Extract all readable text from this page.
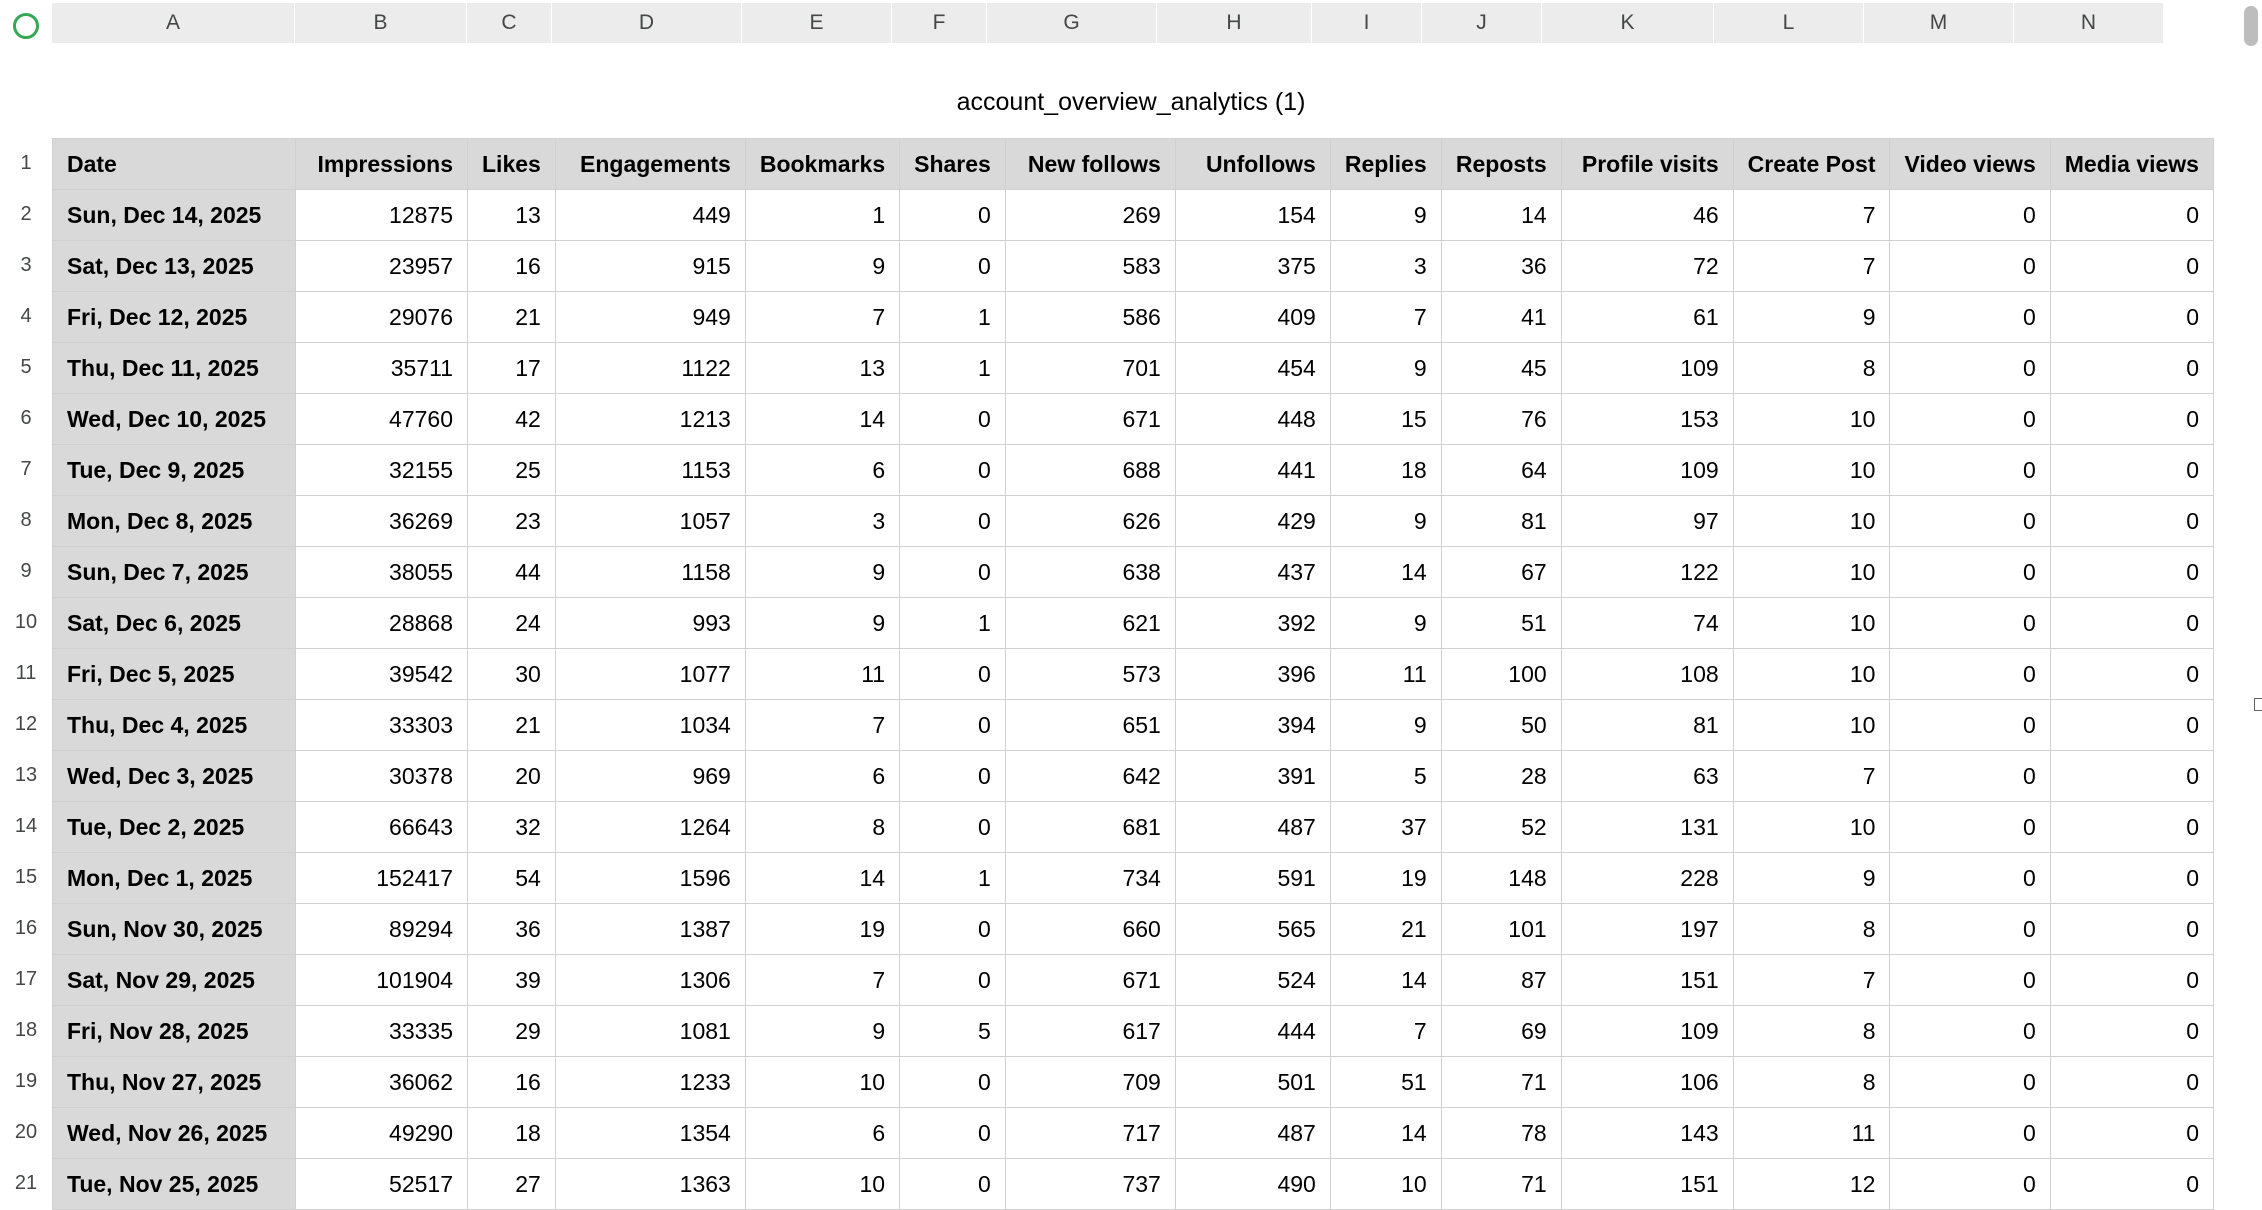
A	B	C	D	E	F	G	H	I	J	K	L	M	N
account_overview_analytics (1)
1
2
3
4
5
6
7
8
9
10
11
12
13
14
15
16
17
18
19
20
21
Date	Impressions	Likes	Engagements	Bookmarks	Shares	New follows	Unfollows	Replies	Reposts	Profile visits	Create Post	Video views	Media views
Sun, Dec 14, 2025	12875	13	449	1	0	269	154	9	14	46	7	0	0
Sat, Dec 13, 2025	23957	16	915	9	0	583	375	3	36	72	7	0	0
Fri, Dec 12, 2025	29076	21	949	7	1	586	409	7	41	61	9	0	0
Thu, Dec 11, 2025	35711	17	1122	13	1	701	454	9	45	109	8	0	0
Wed, Dec 10, 2025	47760	42	1213	14	0	671	448	15	76	153	10	0	0
Tue, Dec 9, 2025	32155	25	1153	6	0	688	441	18	64	109	10	0	0
Mon, Dec 8, 2025	36269	23	1057	3	0	626	429	9	81	97	10	0	0
Sun, Dec 7, 2025	38055	44	1158	9	0	638	437	14	67	122	10	0	0
Sat, Dec 6, 2025	28868	24	993	9	1	621	392	9	51	74	10	0	0
Fri, Dec 5, 2025	39542	30	1077	11	0	573	396	11	100	108	10	0	0
Thu, Dec 4, 2025	33303	21	1034	7	0	651	394	9	50	81	10	0	0
Wed, Dec 3, 2025	30378	20	969	6	0	642	391	5	28	63	7	0	0
Tue, Dec 2, 2025	66643	32	1264	8	0	681	487	37	52	131	10	0	0
Mon, Dec 1, 2025	152417	54	1596	14	1	734	591	19	148	228	9	0	0
Sun, Nov 30, 2025	89294	36	1387	19	0	660	565	21	101	197	8	0	0
Sat, Nov 29, 2025	101904	39	1306	7	0	671	524	14	87	151	7	0	0
Fri, Nov 28, 2025	33335	29	1081	9	5	617	444	7	69	109	8	0	0
Thu, Nov 27, 2025	36062	16	1233	10	0	709	501	51	71	106	8	0	0
Wed, Nov 26, 2025	49290	18	1354	6	0	717	487	14	78	143	11	0	0
Tue, Nov 25, 2025	52517	27	1363	10	0	737	490	10	71	151	12	0	0
